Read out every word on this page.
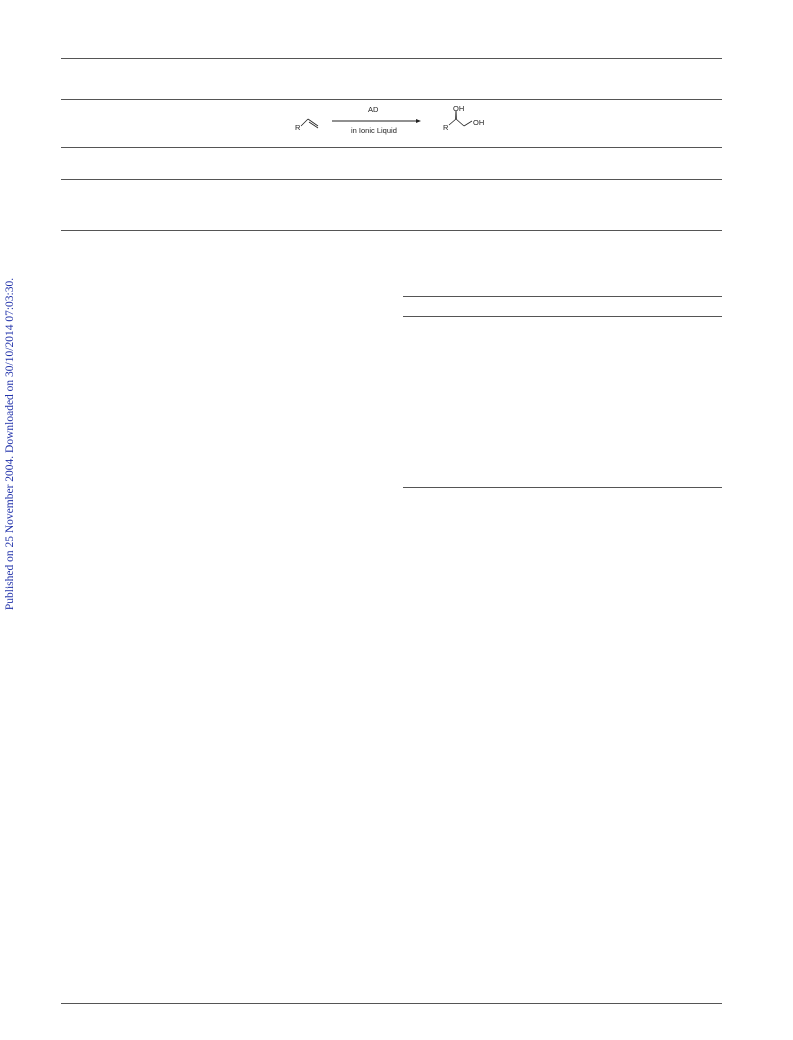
Published on 25 November 2004. Downloaded on 30/10/2014 07:03:30.
R	R
OH
OH
AD
in Ionic Liquid
